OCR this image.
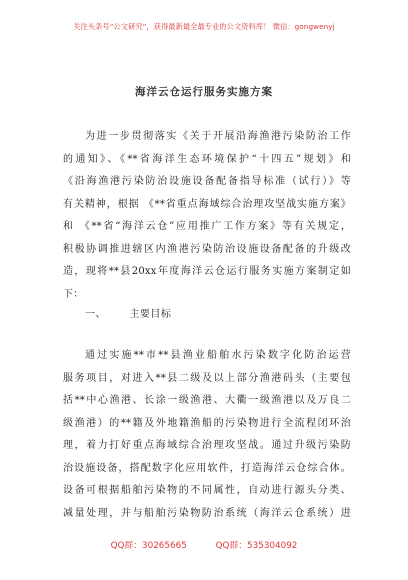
关注头条号“公文研究”，获得最新最全最专业的公文资料库！ 微信：gongwenyj
海洋云仓运行服务实施方案
为进一步贯彻落实《关于开展沿海渔港污染防治工作
的通知》、《**省海洋生态环境保护“十四五”规划》和
《沿海渔港污染防治设施设备配备指导标准（试行）》等
有关精神，根据 《**省重点海域综合治理攻坚战实施方案》
和 《**省“海洋云仓”应用推广工作方案》等有关规定，
积极协调推进辖区内渔港污染防治设施设备配备的升级改
造，现将**县20xx年度海洋云仓运行服务实施方案制定如
下：
一、 主要目标
通过实施**市**县渔业船舶水污染数字化防治运营
服务项目，对进入**县二级及以上部分渔港码头（主要包
括**中心渔港、长涂一级渔港、大衢一级渔港以及万良二
级渔港）的**籍及外地籍渔船的污染物进行全流程闭环治
理，着力打好重点海域综合治理攻坚战。通过升级污染防
治设施设备，搭配数字化应用软件，打造海洋云仓综合体。
设备可根据船舶污染物的不同属性，自动进行源头分类、
减量处理，并与船舶污染物防治系统（海洋云仓系统）进
QQ群：30265665	QQ群：535304092
